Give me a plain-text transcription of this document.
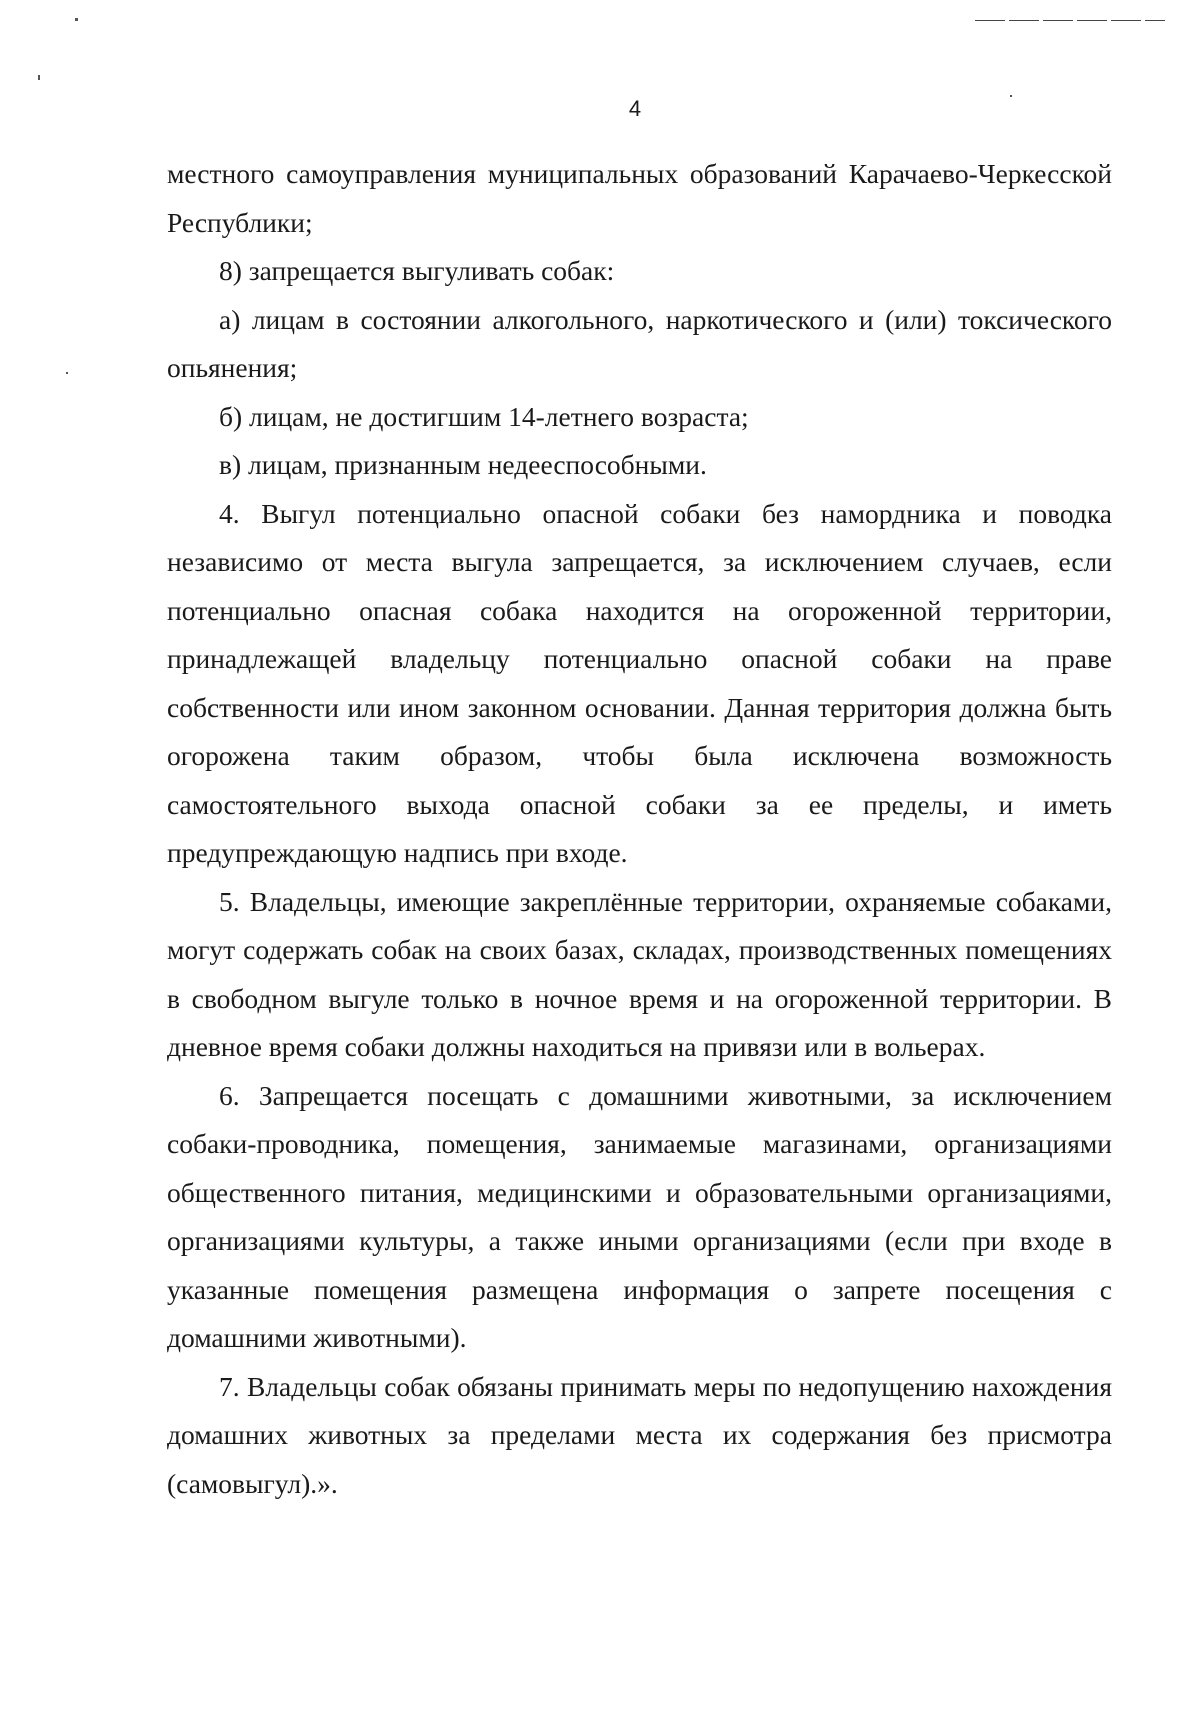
4

местного самоуправления муниципальных образований Карачаево-Черкесской Республики;

8) запрещается выгуливать собак:

а) лицам в состоянии алкогольного, наркотического и (или) токсического опьянения;

б) лицам, не достигшим 14-летнего возраста;

в) лицам, признанным недееспособными.

4. Выгул потенциально опасной собаки без намордника и поводка независимо от места выгула запрещается, за исключением случаев, если потенциально опасная собака находится на огороженной территории, принадлежащей владельцу потенциально опасной собаки на праве собственности или ином законном основании. Данная территория должна быть огорожена таким образом, чтобы была исключена возможность самостоятельного выхода опасной собаки за ее пределы, и иметь предупреждающую надпись при входе.

5. Владельцы, имеющие закреплённые территории, охраняемые собаками, могут содержать собак на своих базах, складах, производственных помещениях в свободном выгуле только в ночное время и на огороженной территории. В дневное время собаки должны находиться на привязи или в вольерах.

6. Запрещается посещать с домашними животными, за исключением собаки-проводника, помещения, занимаемые магазинами, организациями общественного питания, медицинскими и образовательными организациями, организациями культуры, а также иными организациями (если при входе в указанные помещения размещена информация о запрете посещения с домашними животными).

7. Владельцы собак обязаны принимать меры по недопущению нахождения домашних животных за пределами места их содержания без присмотра (самовыгул).».
